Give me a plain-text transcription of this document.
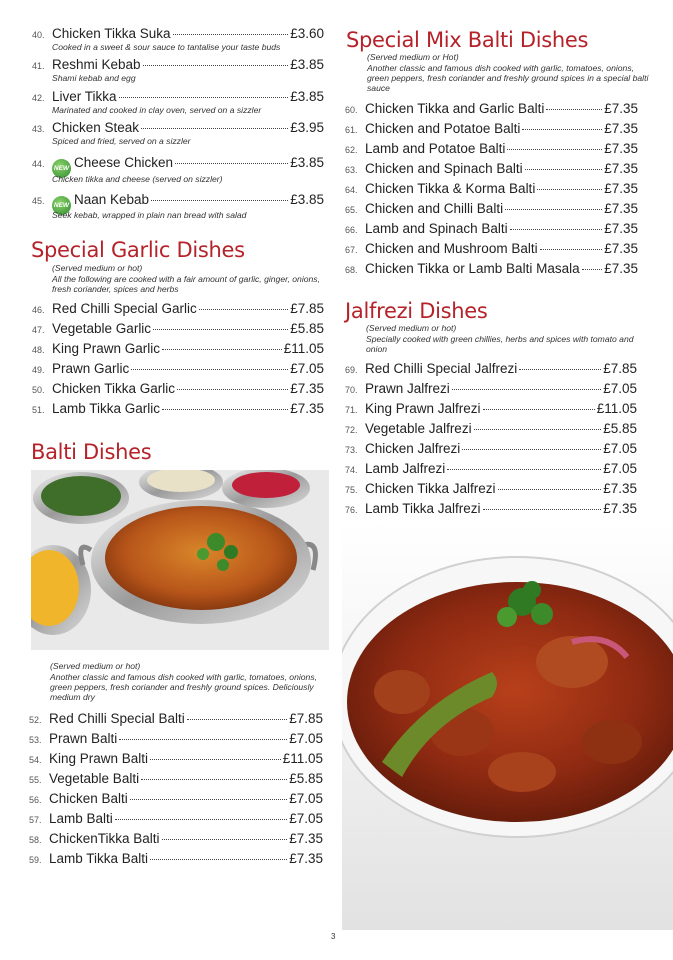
40. Chicken Tikka Suka	£3.60
Cooked in a sweet & sour sauce to tantalise your taste buds
41. Reshmi Kebab	£3.85
Shami kebab and egg
42. Liver Tikka	£3.85
Marinated and cooked in clay oven, served on a sizzler
43. Chicken Steak	£3.95
Spiced and fried, served on a sizzler
44.	NEW Cheese Chicken	£3.85
Chicken tikka and cheese (served on sizzler)
45.	NEW Naan Kebab	£3.85
Seek kebab, wrapped in plain nan bread with salad
Special Garlic Dishes
(Served medium or hot)
All the following are cooked with a fair amount of garlic, ginger, onions, fresh coriander, spices and herbs
46. Red Chilli Special Garlic	£7.85
47. Vegetable Garlic	£5.85
48. King Prawn Garlic	£11.05
49. Prawn Garlic	£7.05
50. Chicken Tikka Garlic	£7.35
51. Lamb Tikka Garlic	£7.35
Balti Dishes
(Served medium or hot)
Another classic and famous dish cooked with garlic, tomatoes, onions, green peppers, fresh coriander and freshly ground spices. Deliciously medium dry
52. Red Chilli Special Balti	£7.85
53. Prawn Balti	£7.05
54. King Prawn Balti	£11.05
55. Vegetable Balti	£5.85
56. Chicken Balti	£7.05
57. Lamb Balti	£7.05
58. ChickenTikka Balti	£7.35
59. Lamb Tikka Balti	£7.35
Special Mix Balti Dishes
(Served medium or Hot)
Another classic and famous dish cooked with garlic, tomatoes, onions, green peppers, fresh coriander and freshly ground spices in a special balti sauce
60. Chicken Tikka and Garlic Balti	£7.35
61. Chicken and Potatoe Balti	£7.35
62. Lamb and Potatoe Balti	£7.35
63. Chicken and Spinach Balti	£7.35
64. Chicken Tikka & Korma Balti	£7.35
65. Chicken and Chilli Balti	£7.35
66. Lamb and Spinach Balti	£7.35
67. Chicken and Mushroom Balti	£7.35
68. Chicken Tikka or Lamb Balti Masala £7.35
Jalfrezi Dishes
(Served medium or hot)
Specially cooked with green chillies, herbs and spices with tomato and onion
69. Red Chilli Special Jalfrezi	£7.85
70. Prawn Jalfrezi	£7.05
71. King Prawn Jalfrezi	£11.05
72. Vegetable Jalfrezi	£5.85
73. Chicken Jalfrezi	£7.05
74. Lamb Jalfrezi	£7.05
75. Chicken Tikka Jalfrezi	£7.35
76. Lamb Tikka Jalfrezi	£7.35
3
